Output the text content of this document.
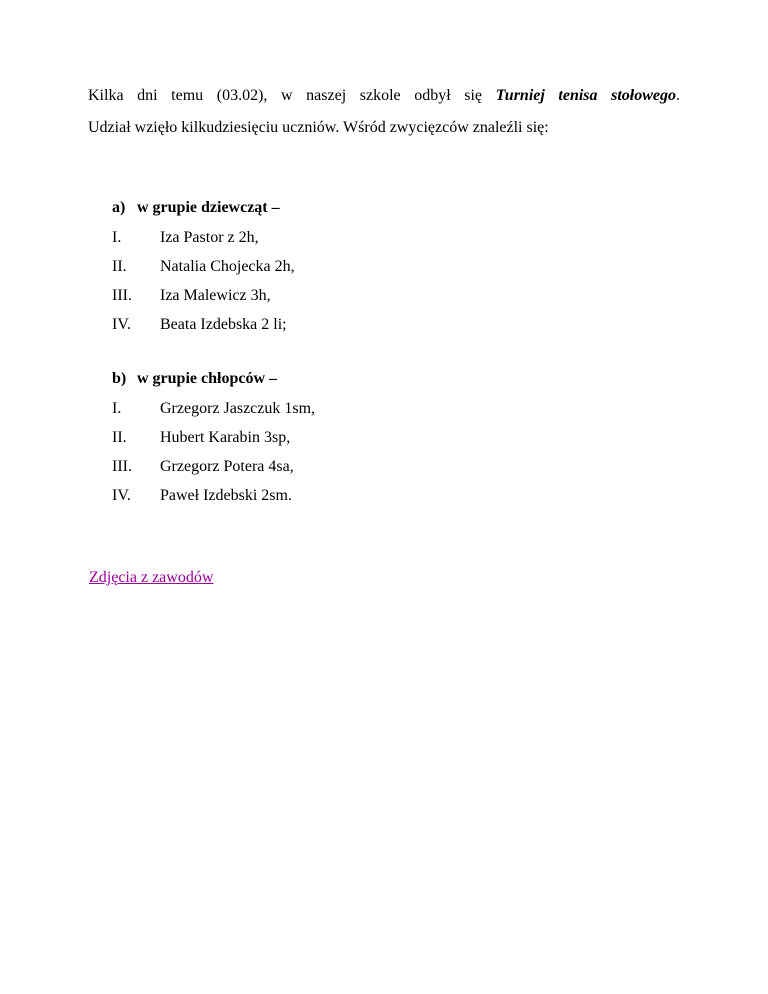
Kilka dni temu (03.02), w naszej szkole odbył się Turniej tenisa stołowego.
Udział wzięło kilkudziesięciu uczniów. Wśród zwycięzców znaleźli się:

a) w grupie dziewcząt –
I. Iza Pastor z 2h,
II. Natalia Chojecka 2h,
III. Iza Malewicz 3h,
IV. Beata Izdebska 2 li;
b) w grupie chłopców –
I. Grzegorz Jaszczuk 1sm,
II. Hubert Karabin 3sp,
III. Grzegorz Potera 4sa,
IV. Paweł Izdebski 2sm.
Zdjęcia z zawodów
